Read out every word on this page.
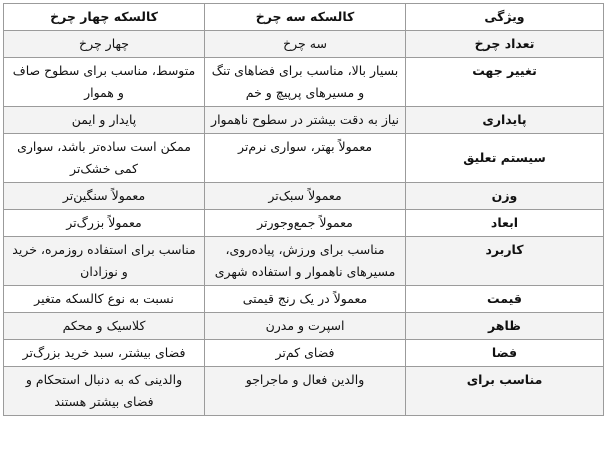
ویژگی	کالسکه سه چرخ	کالسکه چهار چرخ
تعداد چرخ	سه چرخ	چهار چرخ
تغییر جهت	بسیار بالا، مناسب برای فضاهای تنگ و مسیرهای پرپیچ و خم	متوسط، مناسب برای سطوح صاف و هموار
پایداری	نیاز به دقت بیشتر در سطوح ناهموار	پایدار و ایمن
سیستم تعلیق	معمولاً بهتر، سواری نرم‌تر	ممکن است ساده‌تر باشد، سواری کمی خشک‌تر
وزن	معمولاً سبک‌تر	معمولاً سنگین‌تر
ابعاد	معمولاً جمع‌وجورتر	معمولاً بزرگ‌تر
کاربرد	مناسب برای ورزش، پیاده‌روی، مسیرهای ناهموار و استفاده شهری	مناسب برای استفاده روزمره، خرید و نوزادان
قیمت	معمولاً در یک رنج قیمتی	نسبت به نوع کالسکه متغیر
ظاهر	اسپرت و مدرن	کلاسیک و محکم
فضا	فضای کم‌تر	فضای بیشتر، سبد خرید بزرگ‌تر
مناسب برای	والدین فعال و ماجراجو	والدینی که به دنبال استحکام و فضای بیشتر هستند
